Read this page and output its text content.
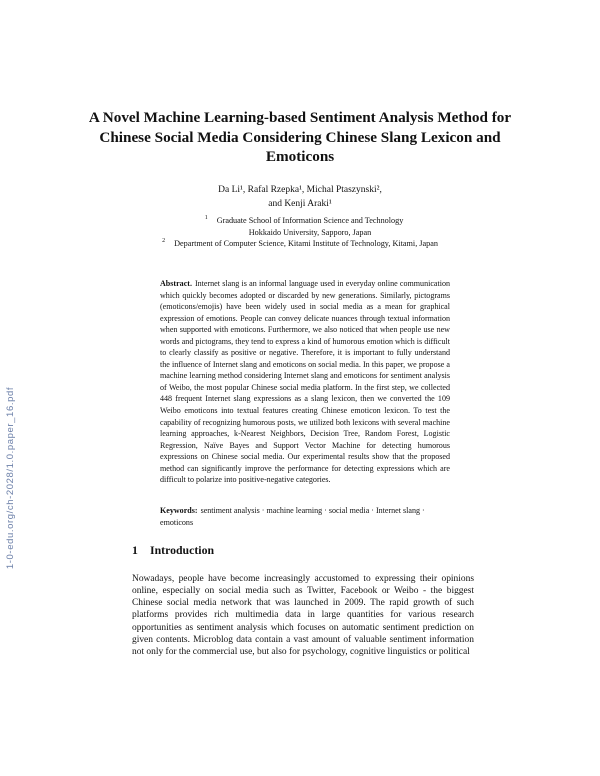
1-0-edu.org/ch-2028/1.0.paper_16.pdf
A Novel Machine Learning-based Sentiment Analysis Method for Chinese Social Media Considering Chinese Slang Lexicon and Emoticons
Da Li¹, Rafal Rzepka¹, Michal Ptaszynski²,
and Kenji Araki¹
1 Graduate School of Information Science and Technology
Hokkaido University, Sapporo, Japan
2 Department of Computer Science, Kitami Institute of Technology, Kitami, Japan
Abstract. Internet slang is an informal language used in everyday online communication which quickly becomes adopted or discarded by new generations. Similarly, pictograms (emoticons/emojis) have been widely used in social media as a mean for graphical expression of emotions. People can convey delicate nuances through textual information when supported with emoticons. Furthermore, we also noticed that when people use new words and pictograms, they tend to express a kind of humorous emotion which is difficult to clearly classify as positive or negative. Therefore, it is important to fully understand the influence of Internet slang and emoticons on social media. In this paper, we propose a machine learning method considering Internet slang and emoticons for sentiment analysis of Weibo, the most popular Chinese social media platform. In the first step, we collected 448 frequent Internet slang expressions as a slang lexicon, then we converted the 109 Weibo emoticons into textual features creating Chinese emoticon lexicon. To test the capability of recognizing humorous posts, we utilized both lexicons with several machine learning approaches, k-Nearest Neighbors, Decision Tree, Random Forest, Logistic Regression, Naïve Bayes and Support Vector Machine for detecting humorous expressions on Chinese social media. Our experimental results show that the proposed method can significantly improve the performance for detecting expressions which are difficult to polarize into positive-negative categories.
Keywords: sentiment analysis · machine learning · social media · Internet slang · emoticons
1 Introduction
Nowadays, people have become increasingly accustomed to expressing their opinions online, especially on social media such as Twitter, Facebook or Weibo - the biggest Chinese social media network that was launched in 2009. The rapid growth of such platforms provides rich multimedia data in large quantities for various research opportunities as sentiment analysis which focuses on automatic sentiment prediction on given contents. Microblog data contain a vast amount of valuable sentiment information not only for the commercial use, but also for psychology, cognitive linguistics or political
